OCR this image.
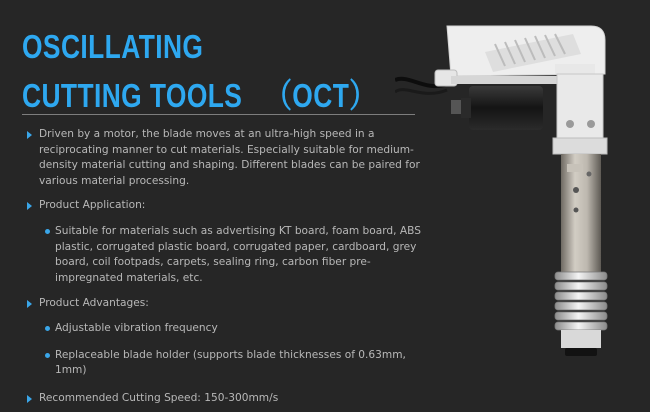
OSCILLATING
CUTTING TOOLS   （OCT）
Driven by a motor, the blade moves at an ultra-high speed in a reciprocating manner to cut materials. Especially suitable for medium-density material cutting and shaping. Different blades can be paired for various material processing.
Product Application:
Suitable for materials such as advertising KT board, foam board, ABS plastic, corrugated plastic board, corrugated paper, cardboard, grey board, coil footpads, carpets, sealing ring, carbon fiber pre-impregnated materials, etc.
Product Advantages:
Adjustable vibration frequency
Replaceable blade holder (supports blade thicknesses of 0.63mm, 1mm)
Recommended Cutting Speed: 150-300mm/s
